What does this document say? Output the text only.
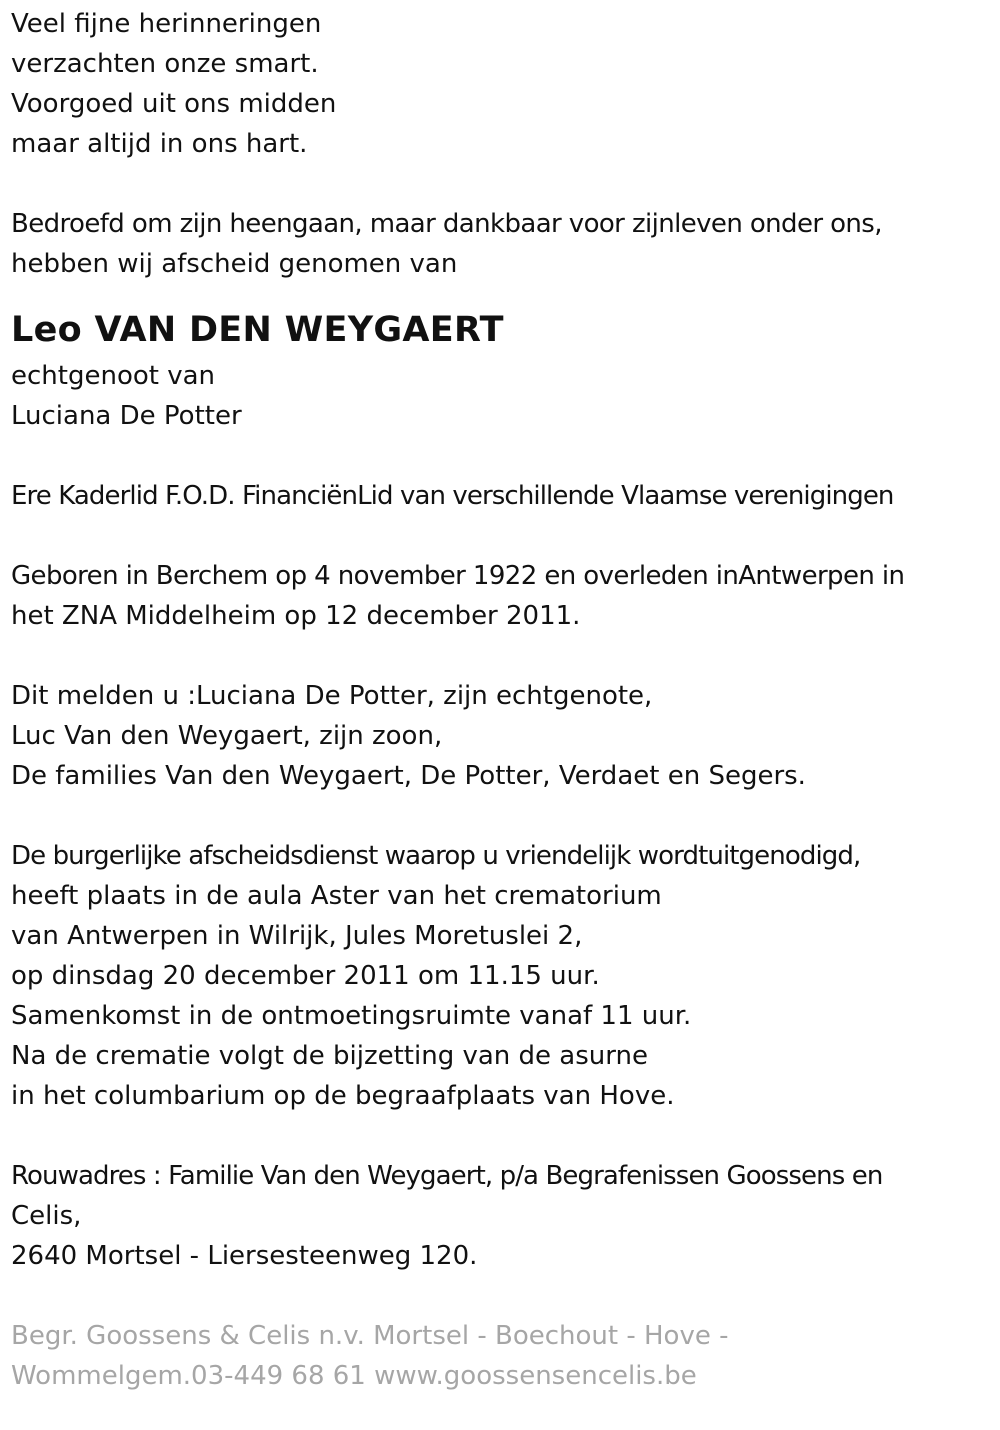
Veel fijne herinneringen
verzachten onze smart.
Voorgoed uit ons midden
maar altijd in ons hart.
Bedroefd om zijn heengaan, maar dankbaar voor zijnleven onder ons,
hebben wij afscheid genomen van
Leo VAN DEN WEYGAERT
echtgenoot van
Luciana De Potter
Ere Kaderlid F.O.D. FinanciënLid van verschillende Vlaamse verenigingen
Geboren in Berchem op 4 november 1922 en overleden inAntwerpen in
het ZNA Middelheim op 12 december 2011.
Dit melden u :Luciana De Potter, zijn echtgenote,
Luc Van den Weygaert, zijn zoon,
De families Van den Weygaert, De Potter, Verdaet en Segers.
De burgerlijke afscheidsdienst waarop u vriendelijk wordtuitgenodigd,
heeft plaats in de aula Aster van het crematorium
van Antwerpen in Wilrijk, Jules Moretuslei 2,
op dinsdag 20 december 2011 om 11.15 uur.
Samenkomst in de ontmoetingsruimte vanaf 11 uur.
Na de crematie volgt de bijzetting van de asurne
in het columbarium op de begraafplaats van Hove.
Rouwadres : Familie Van den Weygaert, p/a Begrafenissen Goossens en
Celis,
2640 Mortsel - Liersesteenweg 120.
Begr. Goossens & Celis n.v. Mortsel - Boechout - Hove -
Wommelgem.03-449 68 61 www.goossensencelis.be
